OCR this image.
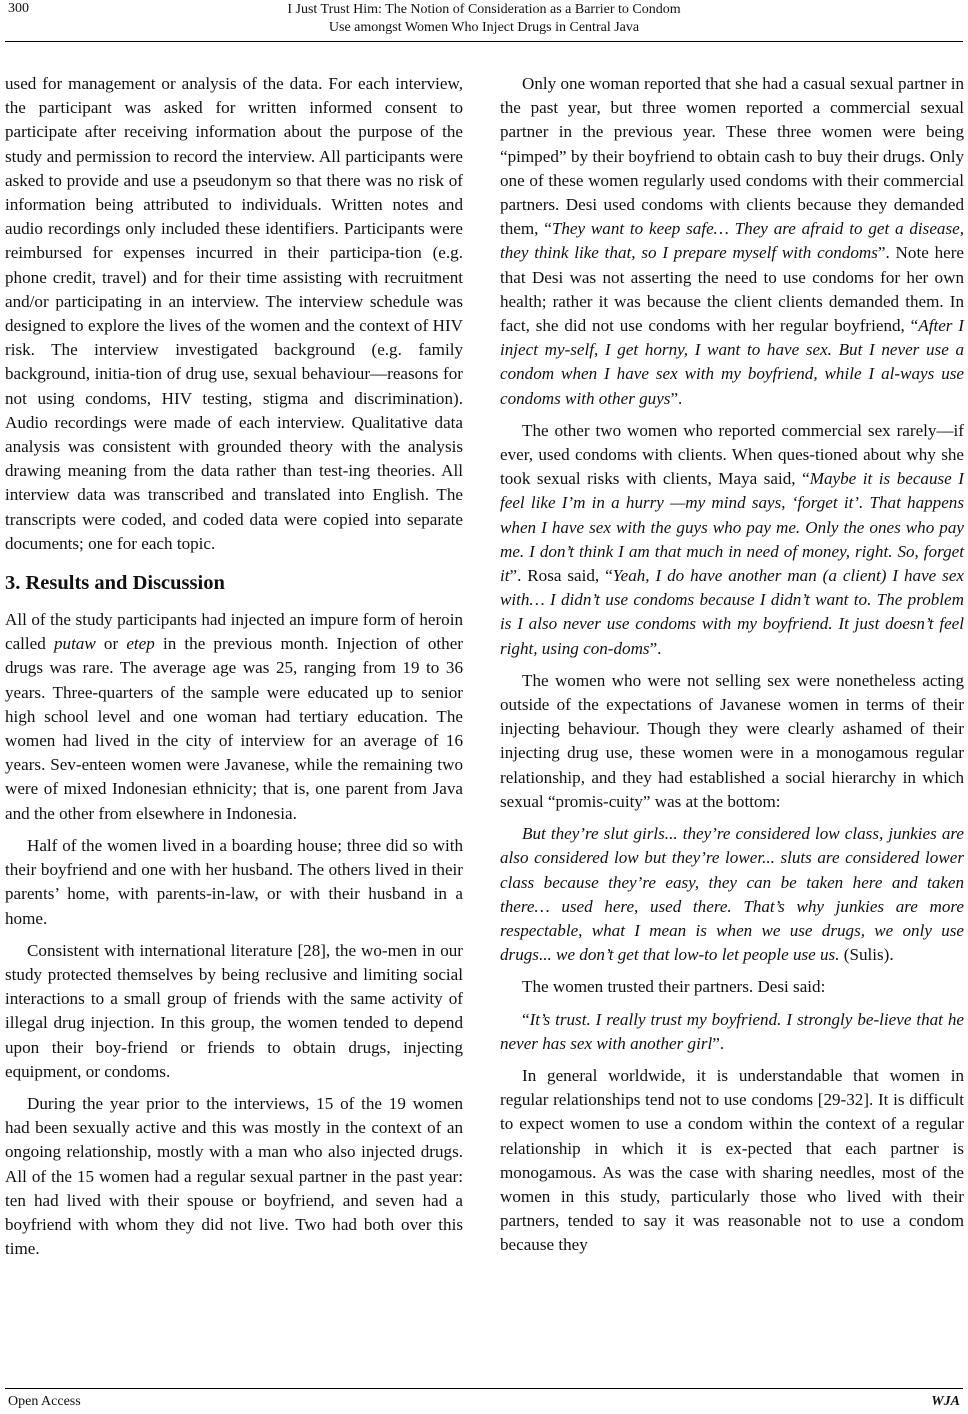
300	I Just Trust Him: The Notion of Consideration as a Barrier to Condom
Use amongst Women Who Inject Drugs in Central Java

used for management or analysis of the data. For each interview, the participant was asked for written informed consent to participate after receiving information about the purpose of the study and permission to record the interview. All participants were asked to provide and use a pseudonym so that there was no risk of information being attributed to individuals. Written notes and audio recordings only included these identifiers. Participants were reimbursed for expenses incurred in their participa-tion (e.g. phone credit, travel) and for their time assisting with recruitment and/or participating in an interview. The interview schedule was designed to explore the lives of the women and the context of HIV risk. The interview investigated background (e.g. family background, initia-tion of drug use, sexual behaviour—reasons for not using condoms, HIV testing, stigma and discrimination). Audio recordings were made of each interview. Qualitative data analysis was consistent with grounded theory with the analysis drawing meaning from the data rather than test-ing theories. All interview data was transcribed and translated into English. The transcripts were coded, and coded data were copied into separate documents; one for each topic.

3. Results and Discussion

All of the study participants had injected an impure form of heroin called putaw or etep in the previous month. Injection of other drugs was rare. The average age was 25, ranging from 19 to 36 years. Three-quarters of the sample were educated up to senior high school level and one woman had tertiary education. The women had lived in the city of interview for an average of 16 years. Sev-enteen women were Javanese, while the remaining two were of mixed Indonesian ethnicity; that is, one parent from Java and the other from elsewhere in Indonesia.

Half of the women lived in a boarding house; three did so with their boyfriend and one with her husband. The others lived in their parents’ home, with parents-in-law, or with their husband in a home.

Consistent with international literature [28], the wo-men in our study protected themselves by being reclusive and limiting social interactions to a small group of friends with the same activity of illegal drug injection. In this group, the women tended to depend upon their boy-friend or friends to obtain drugs, injecting equipment, or condoms.

During the year prior to the interviews, 15 of the 19 women had been sexually active and this was mostly in the context of an ongoing relationship, mostly with a man who also injected drugs. All of the 15 women had a regular sexual partner in the past year: ten had lived with their spouse or boyfriend, and seven had a boyfriend with whom they did not live. Two had both over this time.

Only one woman reported that she had a casual sexual partner in the past year, but three women reported a commercial sexual partner in the previous year. These three women were being “pimped” by their boyfriend to obtain cash to buy their drugs. Only one of these women regularly used condoms with their commercial partners. Desi used condoms with clients because they demanded them, “They want to keep safe… They are afraid to get a disease, they think like that, so I prepare myself with condoms”. Note here that Desi was not asserting the need to use condoms for her own health; rather it was because the client clients demanded them. In fact, she did not use condoms with her regular boyfriend, “After I inject my-self, I get horny, I want to have sex. But I never use a condom when I have sex with my boyfriend, while I al-ways use condoms with other guys”.

The other two women who reported commercial sex rarely—if ever, used condoms with clients. When ques-tioned about why she took sexual risks with clients, Maya said, “Maybe it is because I feel like I’m in a hurry —my mind says, ‘forget it’. That happens when I have sex with the guys who pay me. Only the ones who pay me. I don’t think I am that much in need of money, right. So, forget it”. Rosa said, “Yeah, I do have another man (a client) I have sex with… I didn’t use condoms because I didn’t want to. The problem is I also never use condoms with my boyfriend. It just doesn’t feel right, using con-doms”.

The women who were not selling sex were nonetheless acting outside of the expectations of Javanese women in terms of their injecting behaviour. Though they were clearly ashamed of their injecting drug use, these women were in a monogamous regular relationship, and they had established a social hierarchy in which sexual “promis-cuity” was at the bottom:

But they’re slut girls... they’re considered low class, junkies are also considered low but they’re lower... sluts are considered lower class because they’re easy, they can be taken here and taken there… used here, used there. That’s why junkies are more respectable, what I mean is when we use drugs, we only use drugs... we don’t get that low-to let people use us. (Sulis).

The women trusted their partners. Desi said:

“It’s trust. I really trust my boyfriend. I strongly be-lieve that he never has sex with another girl”.

In general worldwide, it is understandable that women in regular relationships tend not to use condoms [29-32]. It is difficult to expect women to use a condom within the context of a regular relationship in which it is ex-pected that each partner is monogamous. As was the case with sharing needles, most of the women in this study, particularly those who lived with their partners, tended to say it was reasonable not to use a condom because they

Open Access	WJA
